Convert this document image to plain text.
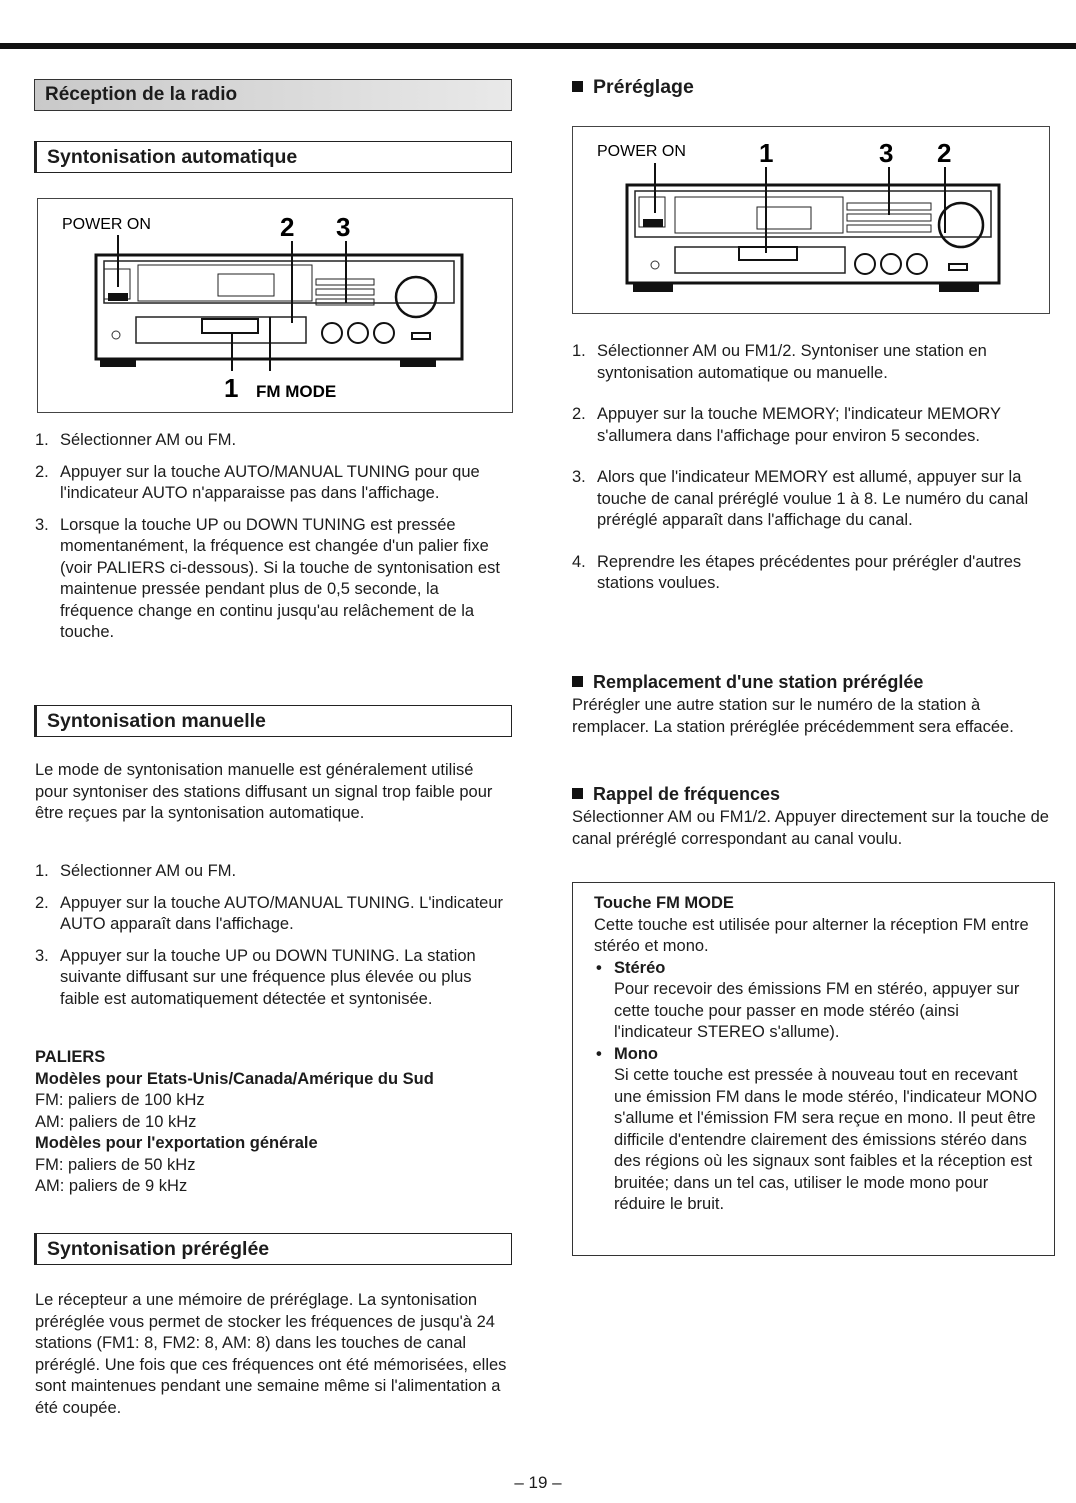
Réception de la radio
Syntonisation automatique
POWER ON	2 3
1 FM MODE
1. Sélectionner AM ou FM.
2. Appuyer sur la touche AUTO/MANUAL TUNING pour que l'indicateur AUTO n'apparaisse pas dans l'affichage.
3. Lorsque la touche UP ou DOWN TUNING est pressée momentanément, la fréquence est changée d'un palier fixe (voir PALIERS ci-dessous). Si la touche de syntonisation est maintenue pressée pendant plus de 0,5 seconde, la fréquence change en continu jusqu'au relâchement de la touche.
Syntonisation manuelle

Le mode de syntonisation manuelle est généralement utilisé pour syntoniser des stations diffusant un signal trop faible pour être reçues par la syntonisation automatique.

1. Sélectionner AM ou FM.
2. Appuyer sur la touche AUTO/MANUAL TUNING. L'indicateur AUTO apparaît dans l'affichage.
3. Appuyer sur la touche UP ou DOWN TUNING. La station suivante diffusant sur une fréquence plus élevée ou plus faible est automatiquement détectée et syntonisée.
PALIERS
Modèles pour Etats-Unis/Canada/Amérique du Sud
FM: paliers de 100 kHz
AM: paliers de 10 kHz
Modèles pour l'exportation générale
FM: paliers de 50 kHz
AM: paliers de 9 kHz
Syntonisation préréglée

Le récepteur a une mémoire de préréglage. La syntonisation préréglée vous permet de stocker les fréquences de jusqu'à 24 stations (FM1: 8, FM2: 8, AM: 8) dans les touches de canal préréglé. Une fois que ces fréquences ont été mémorisées, elles sont maintenues pendant une semaine même si l'alimentation a été coupée.

Préréglage
POWER ON	1	3 2
1. Sélectionner AM ou FM1/2. Syntoniser une station en syntonisation automatique ou manuelle.
2. Appuyer sur la touche MEMORY; l'indicateur MEMORY s'allumera dans l'affichage pour environ 5 secondes.
3. Alors que l'indicateur MEMORY est allumé, appuyer sur la touche de canal préréglé voulue 1 à 8. Le numéro du canal préréglé apparaît dans l'affichage du canal.
4. Reprendre les étapes précédentes pour prérégler d'autres stations voulues.
Remplacement d'une station préréglée

Prérégler une autre station sur le numéro de la station à remplacer. La station préréglée précédemment sera effacée.

Rappel de fréquences

Sélectionner AM ou FM1/2. Appuyer directement sur la touche de canal préréglé correspondant au canal voulu.

Touche FM MODE
Cette touche est utilisée pour alterner la réception FM entre stéréo et mono.
• Stéréo
Pour recevoir des émissions FM en stéréo, appuyer sur cette touche pour passer en mode stéréo (ainsi l'indicateur STEREO s'allume).
• Mono
Si cette touche est pressée à nouveau tout en recevant une émission FM dans le mode stéréo, l'indicateur MONO s'allume et l'émission FM sera reçue en mono. Il peut être difficile d'entendre clairement des émissions stéréo dans des régions où les signaux sont faibles et la réception est bruitée; dans un tel cas, utiliser le mode mono pour réduire le bruit.
– 19 –
